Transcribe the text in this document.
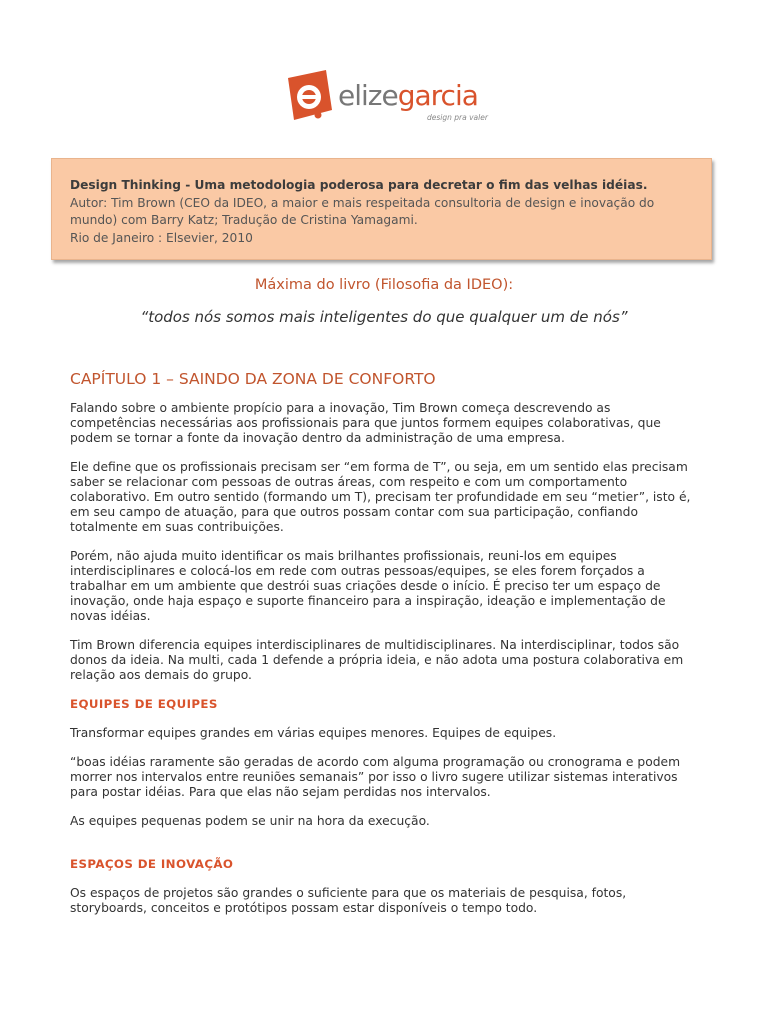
elizegarcia
design pra valer
Design Thinking - Uma metodologia poderosa para decretar o fim das velhas idéias.
Autor: Tim Brown (CEO da IDEO, a maior e mais respeitada consultoria de design e inovação do mundo) com Barry Katz; Tradução de Cristina Yamagami.
Rio de Janeiro : Elsevier, 2010
Máxima do livro (Filosofia da IDEO):
“todos nós somos mais inteligentes do que qualquer um de nós”
CAPÍTULO 1 – SAINDO DA ZONA DE CONFORTO

Falando sobre o ambiente propício para a inovação, Tim Brown começa descrevendo as competências necessárias aos profissionais para que juntos formem equipes colaborativas, que podem se tornar a fonte da inovação dentro da administração de uma empresa.

Ele define que os profissionais precisam ser “em forma de T”, ou seja, em um sentido elas precisam saber se relacionar com pessoas de outras áreas, com respeito e com um comportamento colaborativo. Em outro sentido (formando um T), precisam ter profundidade em seu “metier”, isto é, em seu campo de atuação, para que outros possam contar com sua participação, confiando totalmente em suas contribuições.

Porém, não ajuda muito identificar os mais brilhantes profissionais, reuni-los em equipes interdisciplinares e colocá-los em rede com outras pessoas/equipes, se eles forem forçados a trabalhar em um ambiente que destrói suas criações desde o início. É preciso ter um espaço de inovação, onde haja espaço e suporte financeiro para a inspiração, ideação e implementação de novas idéias.

Tim Brown diferencia equipes interdisciplinares de multidisciplinares. Na interdisciplinar, todos são donos da ideia. Na multi, cada 1 defende a própria ideia, e não adota uma postura colaborativa em relação aos demais do grupo.

EQUIPES DE EQUIPES

Transformar equipes grandes em várias equipes menores. Equipes de equipes.

“boas idéias raramente são geradas de acordo com alguma programação ou cronograma e podem morrer nos intervalos entre reuniões semanais” por isso o livro sugere utilizar sistemas interativos para postar idéias. Para que elas não sejam perdidas nos intervalos.

As equipes pequenas podem se unir na hora da execução.

ESPAÇOS DE INOVAÇÃO

Os espaços de projetos são grandes o suficiente para que os materiais de pesquisa, fotos, storyboards, conceitos e protótipos possam estar disponíveis o tempo todo.
